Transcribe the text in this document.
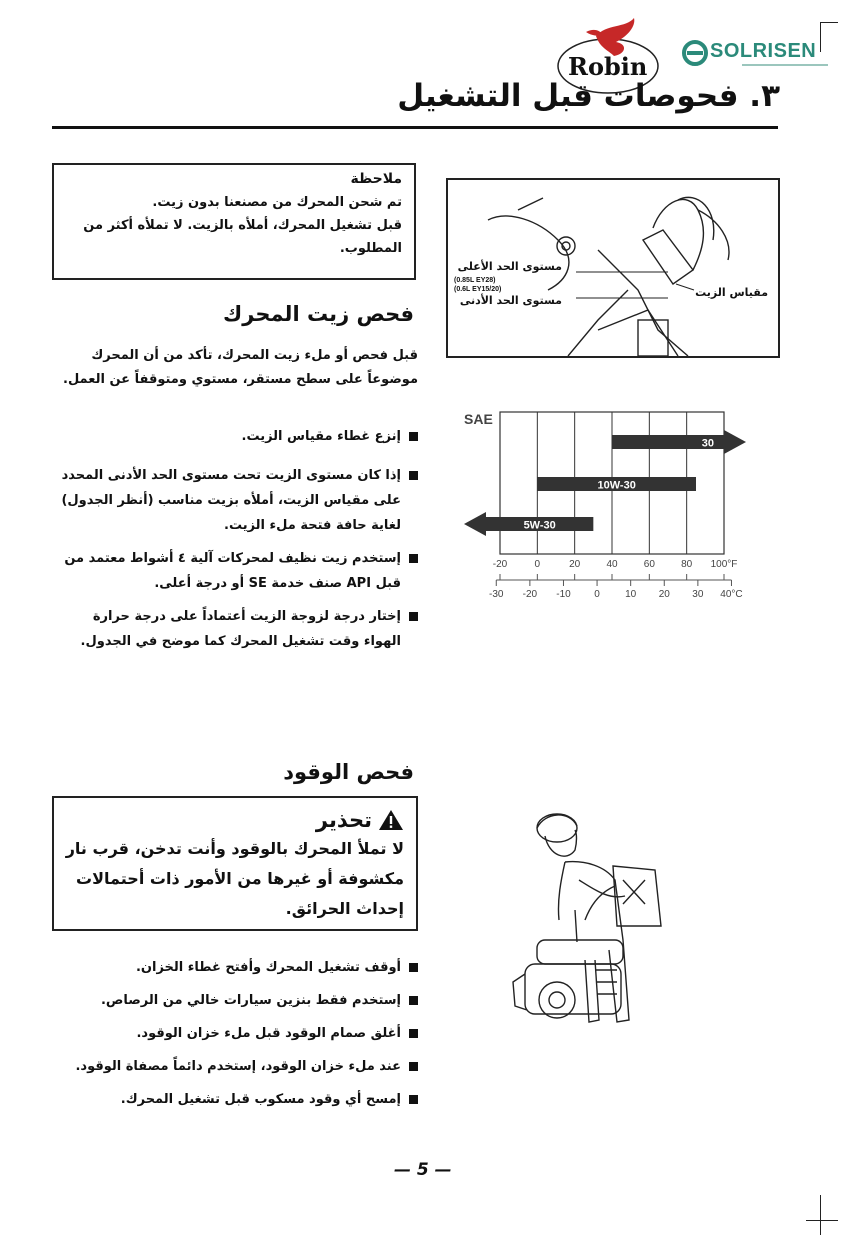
Robin
SOLRISEN
٣. فحوصات قبل التشغيل
ملاحظة

تم شحن المحرك من مصنعنا بدون زيت.

قبل تشغيل المحرك، أملأه بالزيت. لا تملأه أكثر من المطلوب.

فحص زيت المحرك
قبل فحص أو ملء زيت المحرك، تأكد من أن المحرك موضوعاً على سطح مستقر، مستوي ومتوقفاً عن العمل.
إنزع غطاء مقياس الزيت.
إذا كان مستوى الزيت تحت مستوى الحد الأدنى المحدد على مقياس الزيت، أملأه بزيت مناسب (أنظر الجدول) لغاية حافة فتحة ملء الزيت.
إستخدم زيت نظيف لمحركات آلية ٤ أشواط معتمد من قبل API صنف خدمة SE أو درجة أعلى.
إختار درجة لزوجة الزيت أعتماداً على درجة حرارة الهواء وقت تشغيل المحرك كما موضح في الجدول.
مستوى الحد الأعلى
(0.85L EY28)
(0.6L EY15/20)
مستوى الحد الأدنى
مقياس الزيت
SAE
30
10W-30
5W-30
-20	0	20	40	60	80 100°F
-30 -20 -10 0	10 20 30 40°C
فحص الوقود
تحذير

لا تملأ المحرك بالوقود وأنت تدخن، قرب نار مكشوفة أو غيرها من الأمور ذات أحتمالات إحداث الحرائق.

أوقف تشغيل المحرك وأفتح غطاء الخزان.
إستخدم فقط بنزين سيارات خالي من الرصاص.
أغلق صمام الوقود قبل ملء خزان الوقود.
عند ملء خزان الوقود، إستخدم دائماً مصفاة الوقود.
إمسح أي وقود مسكوب قبل تشغيل المحرك.
— 5 —
